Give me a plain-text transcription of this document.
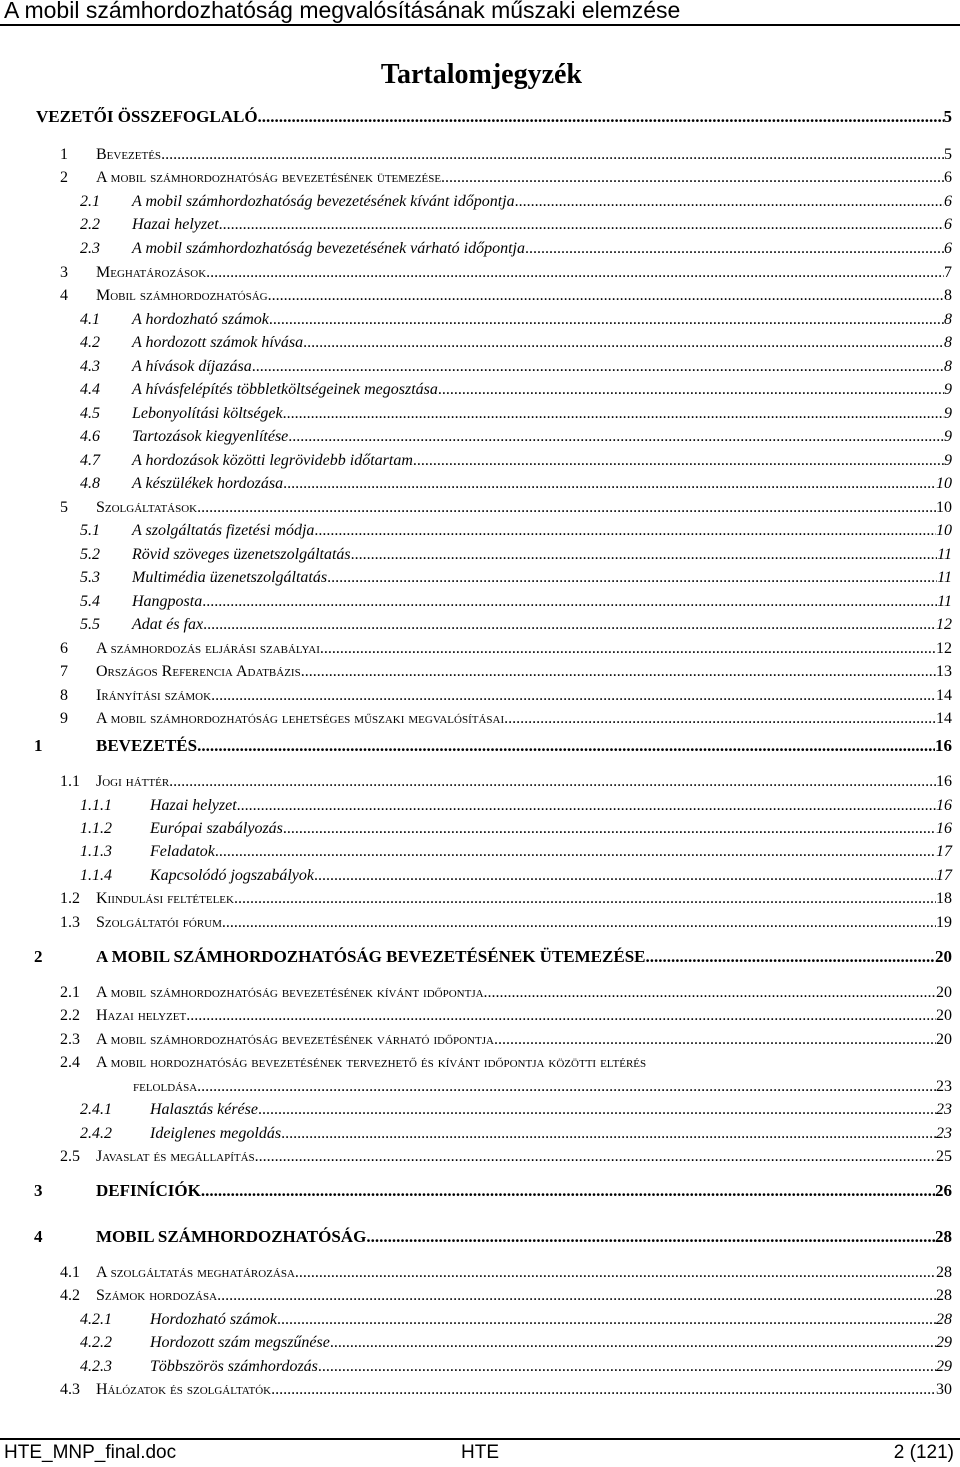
A mobil számhordozhatóság megvalósításának műszaki elemzése
Tartalomjegyzék
VEZETŐI ÖSSZEFOGLALÓ .....	5
1 Bevezetés .....	5
2 A mobil számhordozhatóság bevezetésének ütemezése .....	6
2.1 A mobil számhordozhatóság bevezetésének kívánt időpontja .....	6
2.2 Hazai helyzet .....	6
2.3 A mobil számhordozhatóság bevezetésének várható időpontja .....	6
3 Meghatározások .....	7
4 Mobil számhordozhatóság .....	8
4.1 A hordozható számok .....	8
4.2 A hordozott számok hívása .....	8
4.3 A hívások díjazása .....	8
4.4 A hívásfelépítés többletköltségeinek megosztása .....	9
4.5 Lebonyolítási költségek .....	9
4.6 Tartozások kiegyenlítése .....	9
4.7 A hordozások közötti legrövidebb időtartam .....	9
4.8 A készülékek hordozása .....	10
5 Szolgáltatások .....	10
5.1 A szolgáltatás fizetési módja .....	10
5.2 Rövid szöveges üzenetszolgáltatás .....	11
5.3 Multimédia üzenetszolgáltatás .....	11
5.4 Hangposta .....	11
5.5 Adat és fax .....	12
6 A számhordozás eljárási szabályai .....	12
7 Országos Referencia Adatbázis .....	13
8 Irányítási számok .....	14
9 A mobil számhordozhatóság lehetséges műszaki megvalósításai .....	14
1	BEVEZETÉS .....	16
1.1 Jogi háttér .....	16
1.1.1 Hazai helyzet .....	16
1.1.2 Európai szabályozás .....	16
1.1.3 Feladatok .....	17
1.1.4 Kapcsolódó jogszabályok .....	17
1.2 Kiindulási feltételek .....	18
1.3 Szolgáltatói fórum .....	19
2	A MOBIL SZÁMHORDOZHATÓSÁG BEVEZETÉSÉNEK ÜTEMEZÉSE .....	20
2.1 A mobil számhordozhatóság bevezetésének kívánt időpontja .....	20
2.2 Hazai helyzet .....	20
2.3 A mobil számhordozhatóság bevezetésének várható időpontja .....	20
2.4 A mobil hordozhatóság bevezetésének tervezhető és kívánt időpontja közötti eltérés
feloldása .....	23
2.4.1 Halasztás kérése .....	23
2.4.2 Ideiglenes megoldás .....	23
2.5 Javaslat és megállapítás .....	25
3	DEFINÍCIÓK .....	26
4	MOBIL SZÁMHORDOZHATÓSÁG .....	28
4.1 A szolgáltatás meghatározása .....	28
4.2 Számok hordozása .....	28
4.2.1 Hordozható számok .....	28
4.2.2 Hordozott szám megszűnése .....	29
4.2.3 Többszörös számhordozás .....	29
4.3 Hálózatok és szolgáltatók .....	30
HTE_MNP_final.doc	HTE	2 (121)
